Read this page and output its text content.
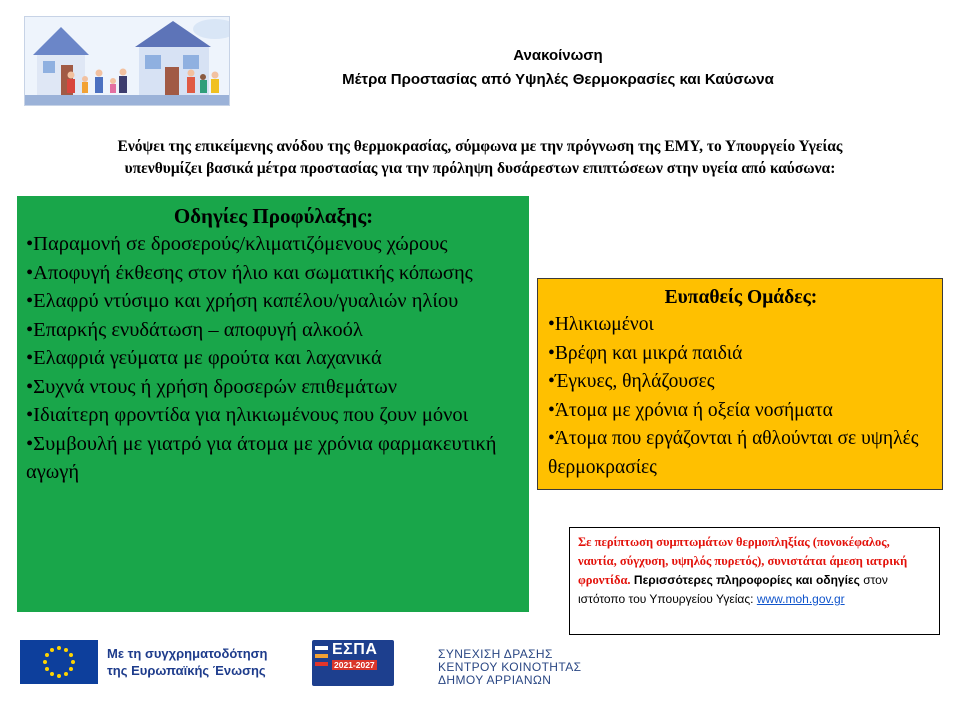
Ανακοίνωση
Μέτρα Προστασίας από Υψηλές Θερμοκρασίες και Καύσωνα
Ενόψει της επικείμενης ανόδου της θερμοκρασίας, σύμφωνα με την πρόγνωση της ΕΜΥ, το Υπουργείο Υγείας
υπενθυμίζει βασικά μέτρα προστασίας για την πρόληψη δυσάρεστων επιπτώσεων στην υγεία από καύσωνα:
Οδηγίες Προφύλαξης:
•Παραμονή σε δροσερούς/κλιματιζόμενους χώρους
•Αποφυγή έκθεσης στον ήλιο και σωματικής κόπωσης
•Ελαφρύ ντύσιμο και χρήση καπέλου/γυαλιών ηλίου
•Επαρκής ενυδάτωση – αποφυγή αλκοόλ
•Ελαφριά γεύματα με φρούτα και λαχανικά
•Συχνά ντους ή χρήση δροσερών επιθεμάτων
•Ιδιαίτερη φροντίδα για ηλικιωμένους που ζουν μόνοι
•Συμβουλή με γιατρό για άτομα με χρόνια φαρμακευτική αγωγή
Ευπαθείς Ομάδες:
•Ηλικιωμένοι
•Βρέφη και μικρά παιδιά
•Έγκυες, θηλάζουσες
•Άτομα με χρόνια ή οξεία νοσήματα
•Άτομα που εργάζονται ή αθλούνται σε υψηλές θερμοκρασίες
Σε περίπτωση συμπτωμάτων θερμοπληξίας (πονοκέφαλος, ναυτία, σύγχυση, υψηλός πυρετός), συνιστάται άμεση ιατρική φροντίδα. Περισσότερες πληροφορίες και οδηγίες στον ιστότοπο του Υπουργείου Υγείας: www.moh.gov.gr
Με τη συγχρηματοδότηση
της Ευρωπαϊκής Ένωσης
ΕΣΠΑ
2021-2027
ΣΥΝΕΧΙΣΗ ΔΡΑΣΗΣ
ΚΕΝΤΡΟΥ ΚΟΙΝΟΤΗΤΑΣ
ΔΗΜΟΥ ΑΡΡΙΑΝΩΝ
